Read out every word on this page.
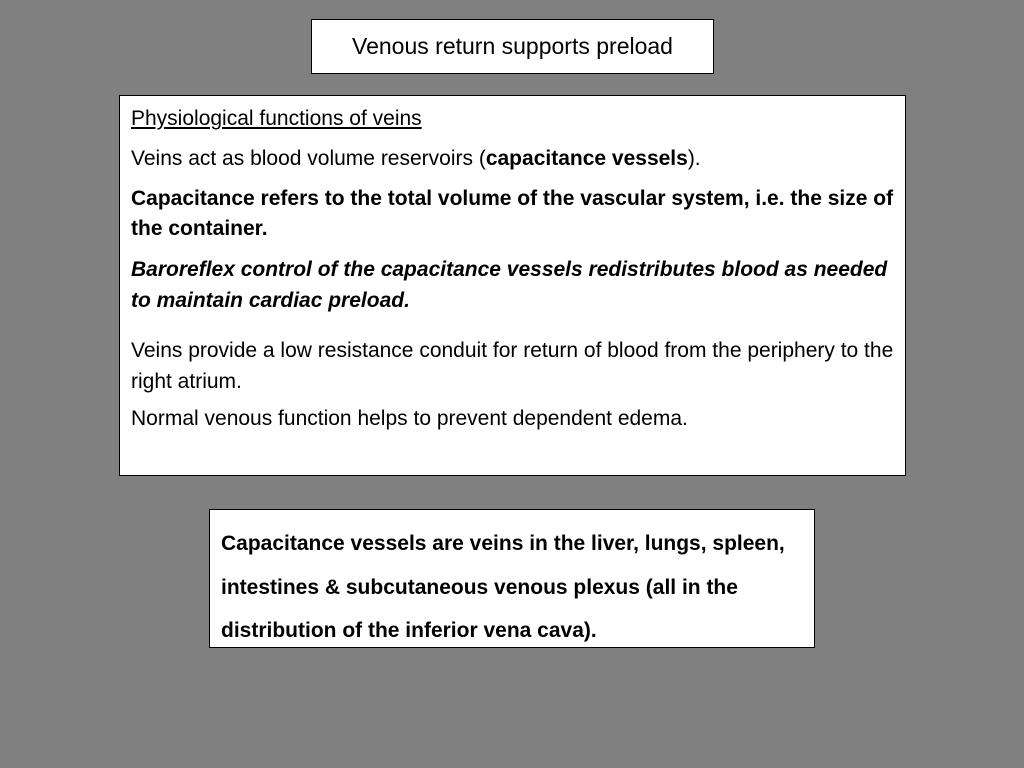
Venous return supports preload

Physiological functions of veins

Veins act as blood volume reservoirs (capacitance vessels).

Capacitance refers to the total volume of the vascular system, i.e. the size of the container.

Baroreflex control of the capacitance vessels redistributes blood as needed to maintain cardiac preload.

Veins provide a low resistance conduit for return of blood from the periphery to the right atrium.

Normal venous function helps to prevent dependent edema.

Capacitance vessels are veins in the liver, lungs, spleen, intestines & subcutaneous venous plexus (all in the distribution of the inferior vena cava).
